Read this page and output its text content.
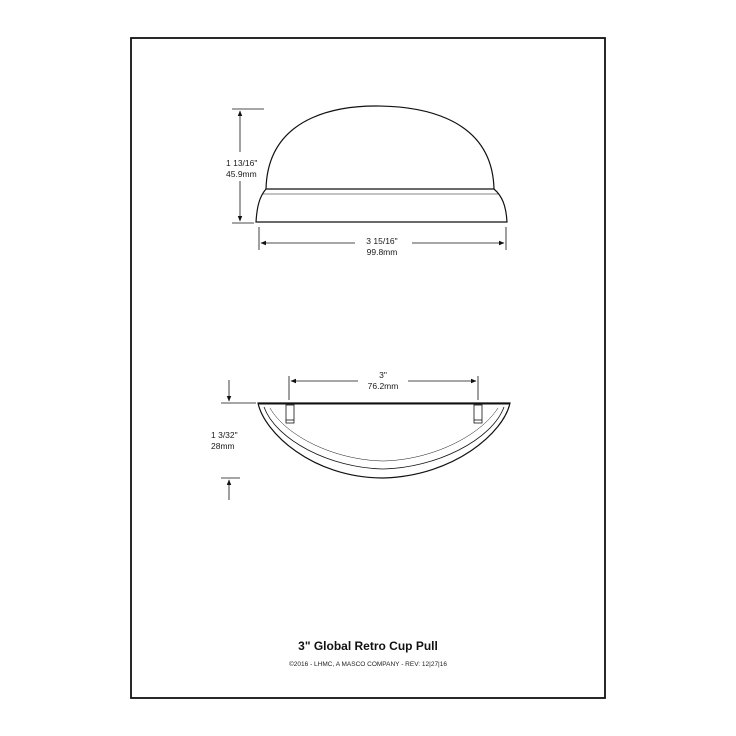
1 13/16"
45.9mm
3 15/16"
99.8mm
3"
76.2mm
1 3/32"
28mm
3" Global Retro Cup Pull
©2016 - LHMC, A MASCO COMPANY - REV: 12|27|16
